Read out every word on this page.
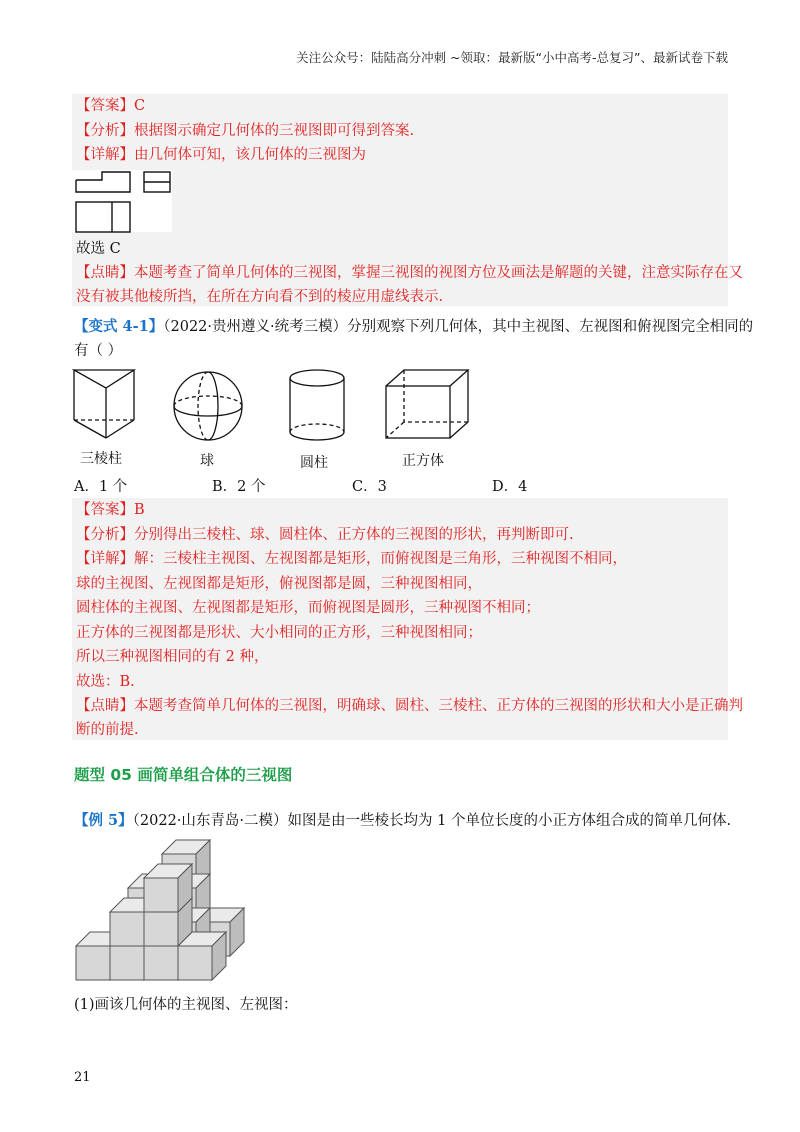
关注公众号：陆陆高分冲刺 ~领取：最新版“小中高考-总复习”、最新试卷下载
【答案】C
【分析】根据图示确定几何体的三视图即可得到答案.
【详解】由几何体可知，该几何体的三视图为
故选 C
【点睛】本题考查了简单几何体的三视图，掌握三视图的视图方位及画法是解题的关键，注意实际存在又
没有被其他棱所挡，在所在方向看不到的棱应用虚线表示.
【变式 4-1】（2022·贵州遵义·统考三模）分别观察下列几何体，其中主视图、左视图和俯视图完全相同的
有（ ）
三棱柱	球	圆柱	正方体
A．1 个	B．2 个	C．3	D．4
【答案】B
【分析】分别得出三棱柱、球、圆柱体、正方体的三视图的形状，再判断即可.
【详解】解：三棱柱主视图、左视图都是矩形，而俯视图是三角形，三种视图不相同，
球的主视图、左视图都是矩形，俯视图都是圆，三种视图相同，
圆柱体的主视图、左视图都是矩形，而俯视图是圆形，三种视图不相同；
正方体的三视图都是形状、大小相同的正方形，三种视图相同；
所以三种视图相同的有 2 种，
故选：B.
【点睛】本题考查简单几何体的三视图，明确球、圆柱、三棱柱、正方体的三视图的形状和大小是正确判
断的前提.
题型 05 画简单组合体的三视图
【例 5】（2022·山东青岛·二模）如图是由一些棱长均为 1 个单位长度的小正方体组合成的简单几何体.
(1)画该几何体的主视图、左视图：
21
